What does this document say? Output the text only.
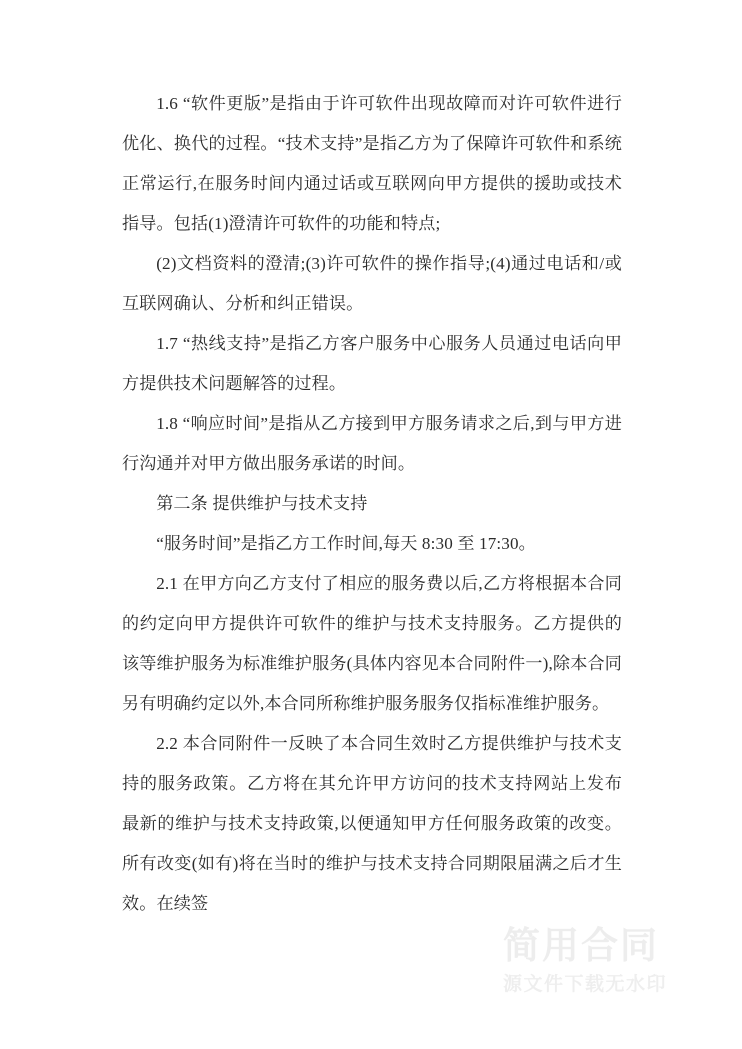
1.6 “软件更版”是指由于许可软件出现故障而对许可软件进行优化、换代的过程。“技术支持”是指乙方为了保障许可软件和系统正常运行,在服务时间内通过话或互联网向甲方提供的援助或技术指导。包括(1)澄清许可软件的功能和特点;

(2)文档资料的澄清;(3)许可软件的操作指导;(4)通过电话和/或互联网确认、分析和纠正错误。

1.7 “热线支持”是指乙方客户服务中心服务人员通过电话向甲方提供技术问题解答的过程。

1.8 “响应时间”是指从乙方接到甲方服务请求之后,到与甲方进行沟通并对甲方做出服务承诺的时间。

第二条 提供维护与技术支持

“服务时间”是指乙方工作时间,每天 8:30 至 17:30。

2.1 在甲方向乙方支付了相应的服务费以后,乙方将根据本合同的约定向甲方提供许可软件的维护与技术支持服务。乙方提供的该等维护服务为标准维护服务(具体内容见本合同附件一),除本合同另有明确约定以外,本合同所称维护服务服务仅指标准维护服务。

2.2 本合同附件一反映了本合同生效时乙方提供维护与技术支持的服务政策。乙方将在其允许甲方访问的技术支持网站上发布最新的维护与技术支持政策,以便通知甲方任何服务政策的改变。所有改变(如有)将在当时的维护与技术支持合同期限届满之后才生效。在续签

简用合同
源文件下载无水印
